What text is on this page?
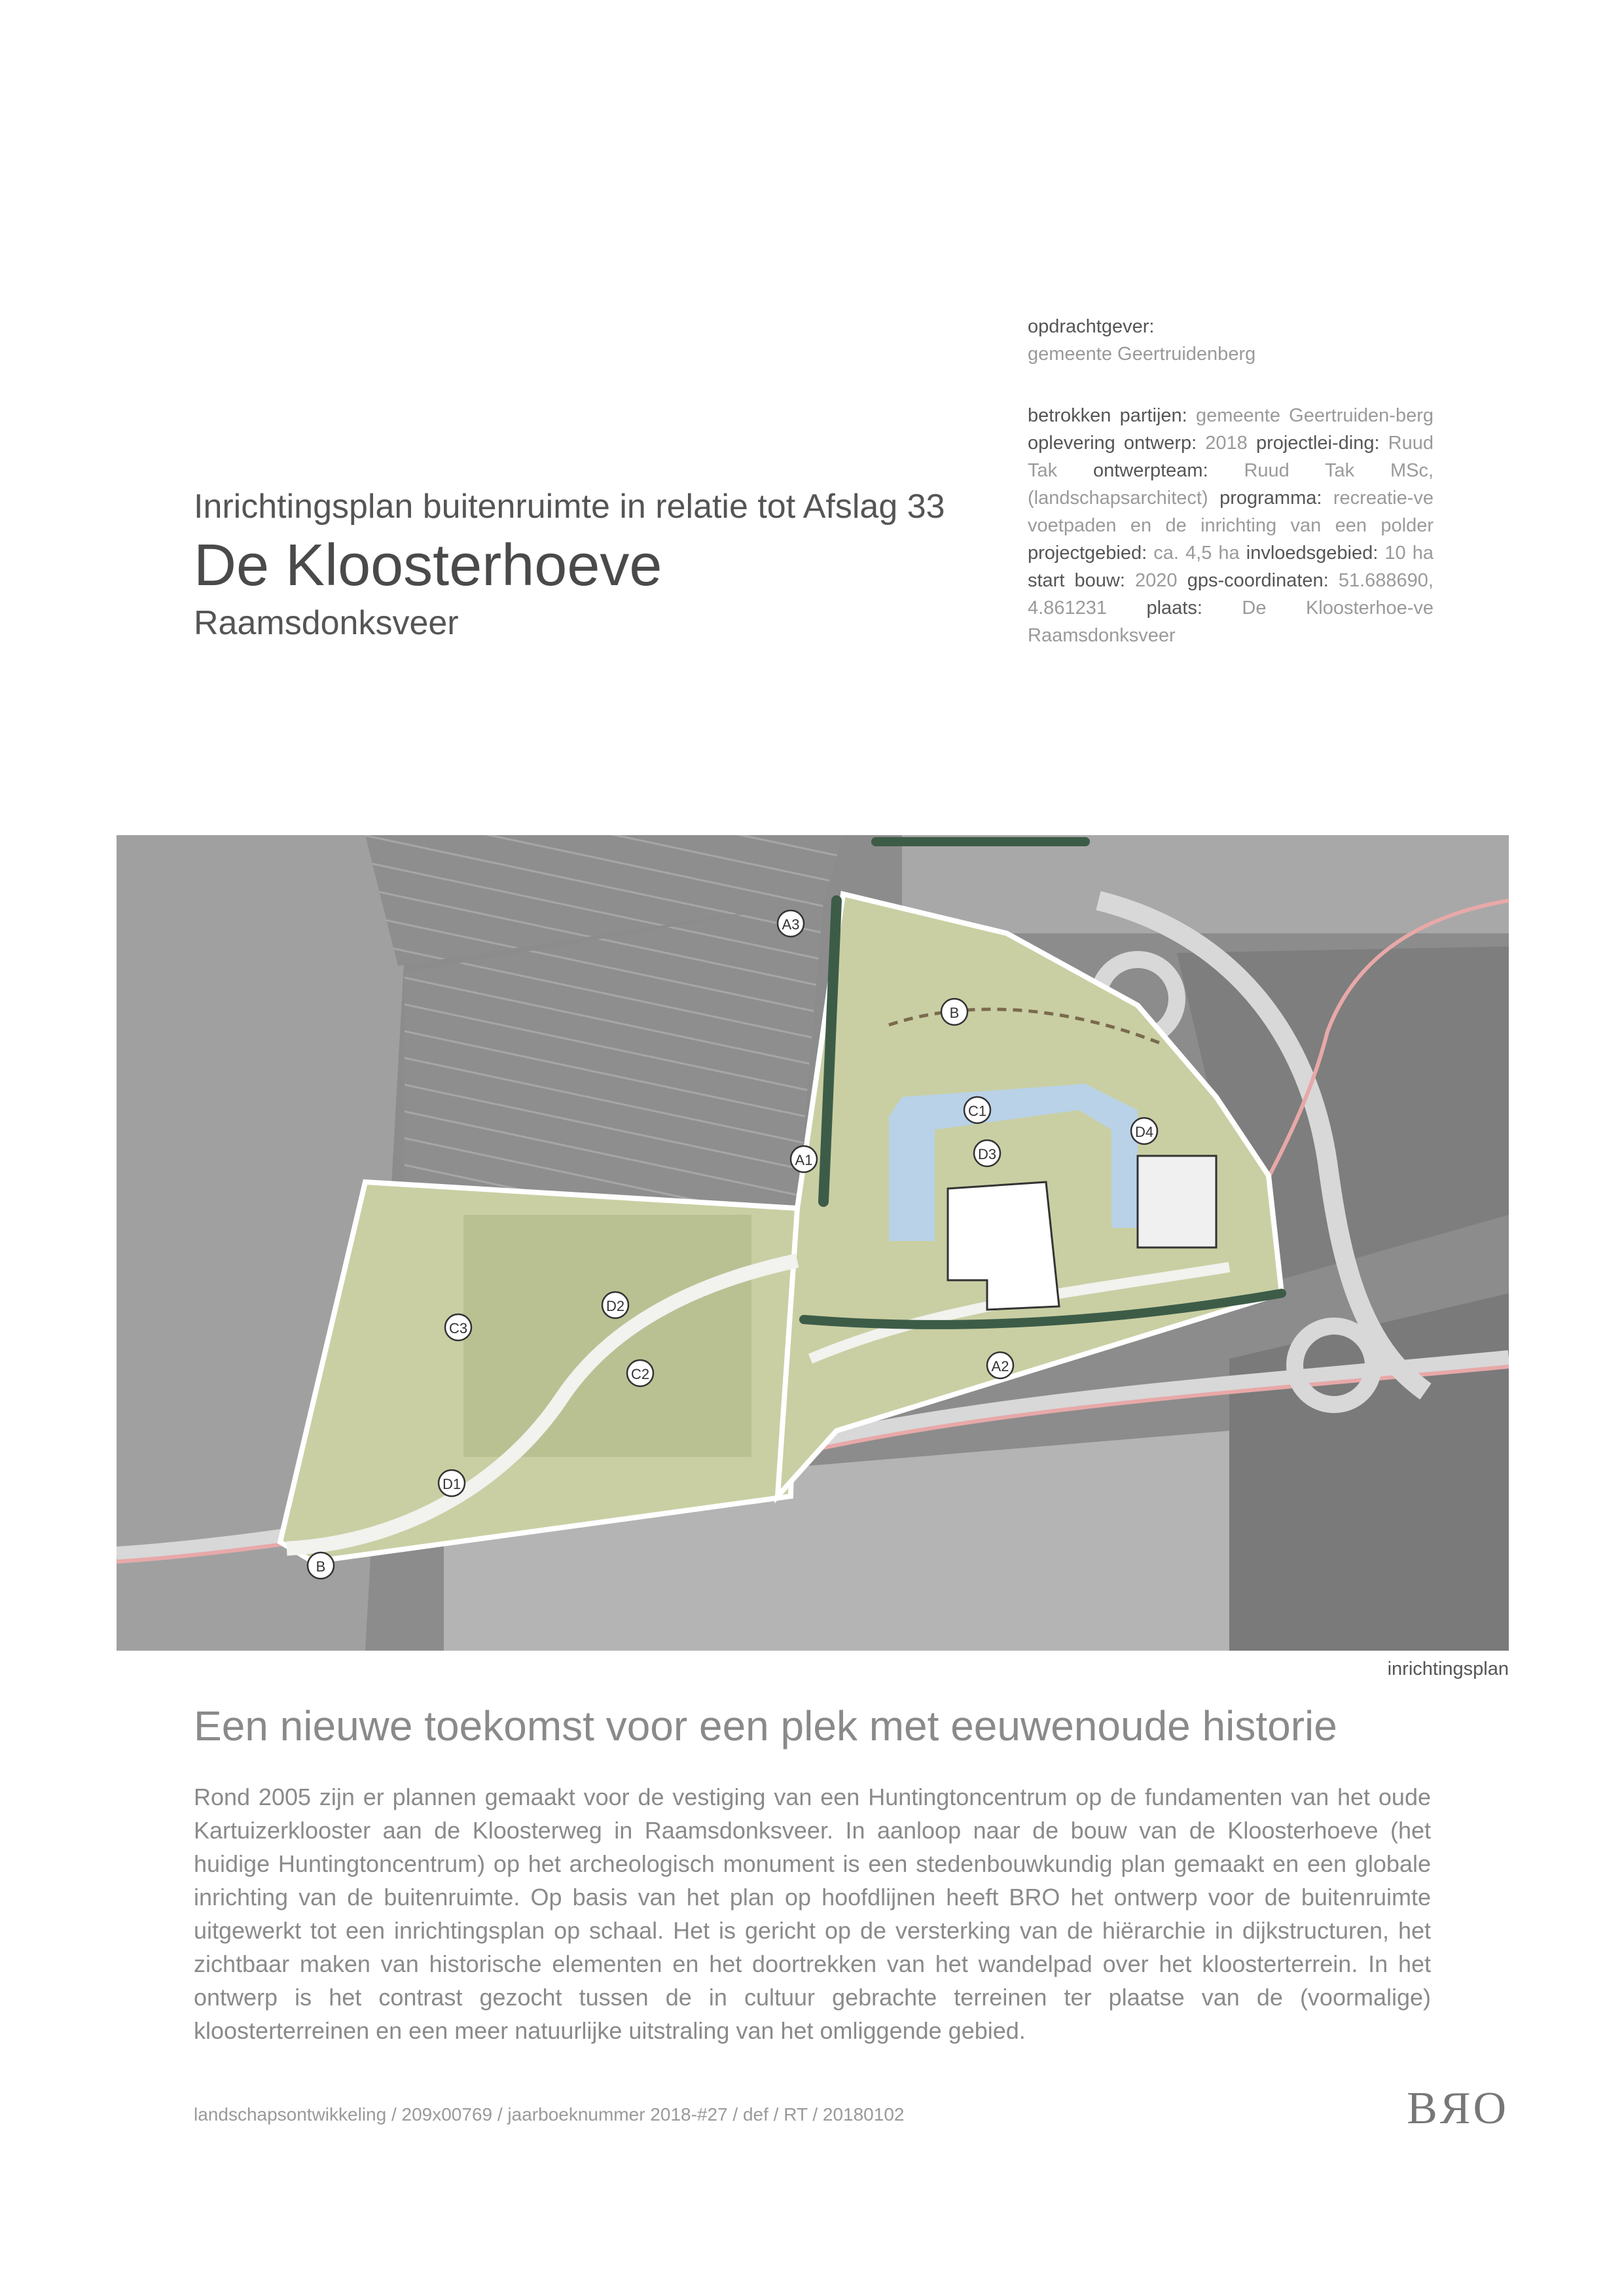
opdrachtgever:

gemeente Geertruidenberg

betrokken partijen: gemeente Geertruiden-berg oplevering ontwerp: 2018 projectlei-ding: Ruud Tak ontwerpteam: Ruud Tak MSc, (landschapsarchitect) programma: recreatie-ve voetpaden en de inrichting van een polder projectgebied: ca. 4,5 ha invloedsgebied: 10 ha start bouw: 2020 gps-coordinaten: 51.688690, 4.861231 plaats: De Kloosterhoe-ve Raamsdonksveer

Inrichtingsplan buitenruimte in relatie tot Afslag 33

De Kloosterhoeve

Raamsdonksveer

A3
B
C1
D4
D3
A1
D2
C3
C2	A2
D1
B
inrichtingsplan
Een nieuwe toekomst voor een plek met eeuwenoude historie

Rond 2005 zijn er plannen gemaakt voor de vestiging van een Huntingtoncentrum op de fundamenten van het oude Kartuizerklooster aan de Kloosterweg in Raamsdonksveer. In aanloop naar de bouw van de Kloosterhoeve (het huidige Huntingtoncentrum) op het archeologisch monument is een stedenbouwkundig plan gemaakt en een globale inrichting van de buitenruimte. Op basis van het plan op hoofdlijnen heeft BRO het ontwerp voor de buitenruimte uitgewerkt tot een inrichtingsplan op schaal. Het is gericht op de versterking van de hiërarchie in dijkstructuren, het zichtbaar maken van historische elementen en het doortrekken van het wandelpad over het kloosterterrein. In het ontwerp is het contrast gezocht tussen de in cultuur gebrachte terreinen ter plaatse van de (voormalige) kloosterterreinen en een meer natuurlijke uitstraling van het omliggende gebied.

landschapsontwikkeling / 209x00769 / jaarboeknummer 2018-#27 / def / RT / 20180102	BЯO
